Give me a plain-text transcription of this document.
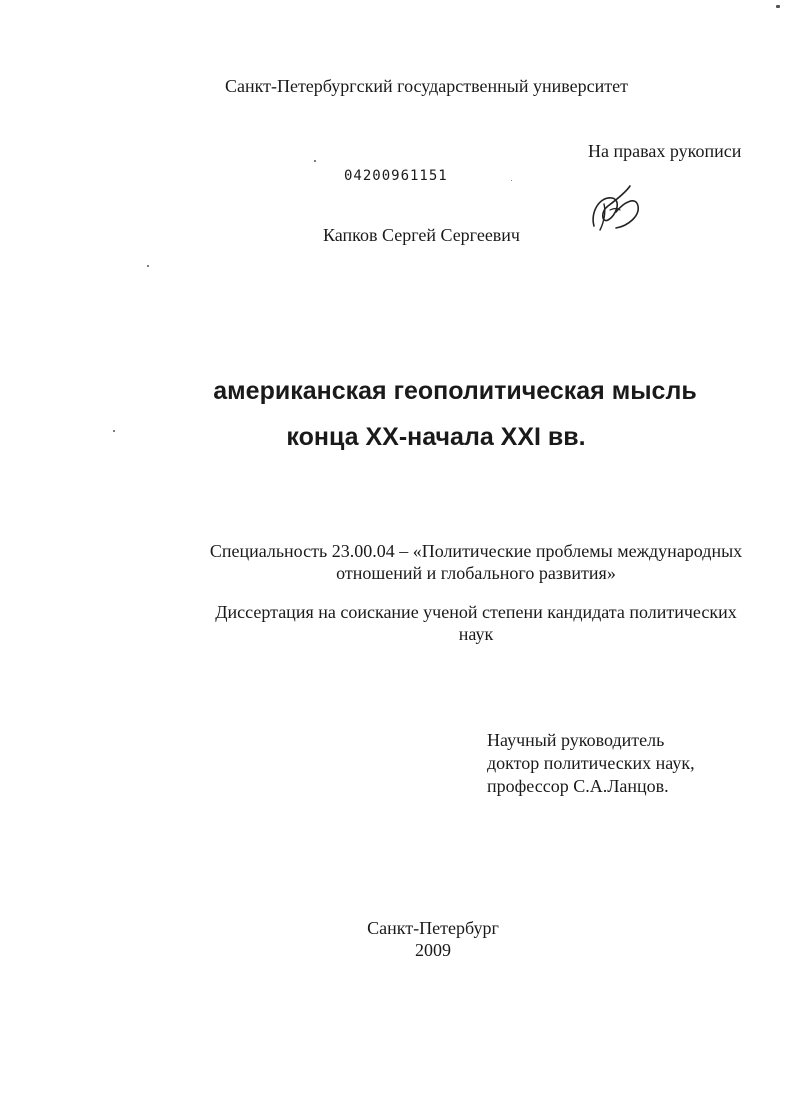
Санкт-Петербургский государственный университет
На правах рукописи
04200961151
Капков Сергей Сергеевич
американская геополитическая мысль
конца XX-начала XXI вв.
Специальность 23.00.04 – «Политические проблемы международных
отношений и глобального развития»
Диссертация на соискание ученой степени кандидата политических
наук
Научный руководитель
доктор политических наук,
профессор С.А.Ланцов.
Санкт-Петербург
2009
